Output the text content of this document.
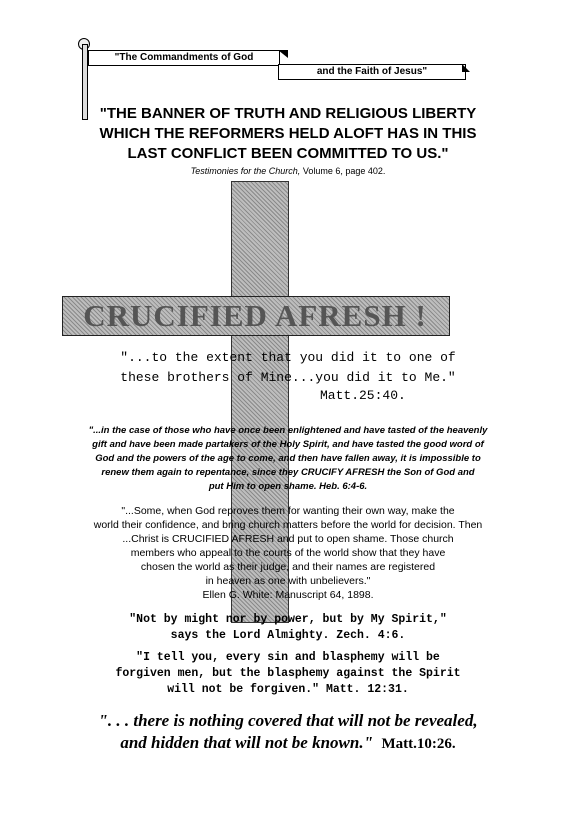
"The Commandments of God
and the Faith of Jesus"
"THE BANNER OF TRUTH AND RELIGIOUS LIBERTY
WHICH THE REFORMERS HELD ALOFT HAS IN THIS
LAST CONFLICT BEEN COMMITTED TO US."
Testimonies for the Church, Volume 6, page 402.
CRUCIFIED AFRESH !
"...to the extent that you did it to one of
these brothers of Mine...you did it to Me."
Matt.25:40.
"...in the case of those who have once been enlightened and have tasted of the heavenly
gift and have been made partakers of the Holy Spirit, and have tasted the good word of
God and the powers of the age to come, and then have fallen away, it is impossible to
renew them again to repentance, since they CRUCIFY AFRESH the Son of God and
put Him to open shame. Heb. 6:4-6.
"...Some, when God reproves them for wanting their own way, make the
world their confidence, and bring church matters before the world for decision. Then
...Christ is CRUCIFIED AFRESH and put to open shame. Those church
members who appeal to the courts of the world show that they have
chosen the world as their judge, and their names are registered
in heaven as one with unbelievers."
Ellen G. White: Manuscript 64, 1898.
"Not by might nor by power, but by My Spirit,"
says the Lord Almighty. Zech. 4:6.
"I tell you, every sin and blasphemy will be
forgiven men, but the blasphemy against the Spirit
will not be forgiven." Matt. 12:31.
". . . there is nothing covered that will not be revealed,
and hidden that will not be known." Matt.10:26.
